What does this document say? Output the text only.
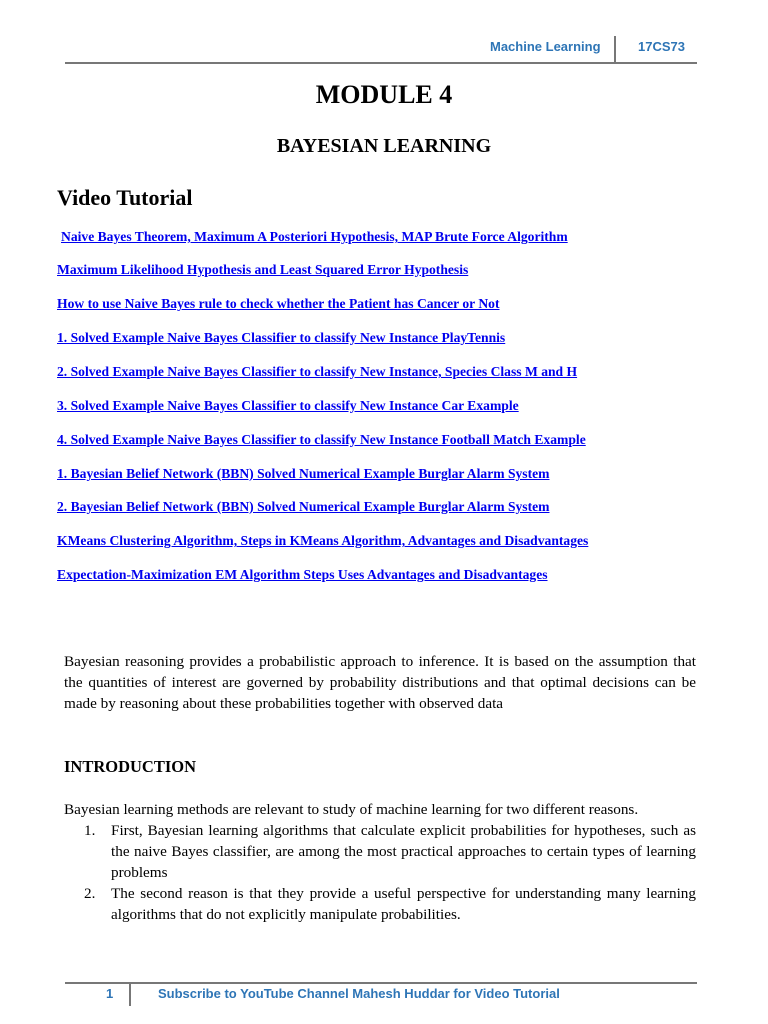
Machine Learning	17CS73
MODULE 4
BAYESIAN LEARNING
Video Tutorial
Naive Bayes Theorem, Maximum A Posteriori Hypothesis, MAP Brute Force Algorithm
Maximum Likelihood Hypothesis and Least Squared Error Hypothesis
How to use Naive Bayes rule to check whether the Patient has Cancer or Not
1. Solved Example Naive Bayes Classifier to classify New Instance PlayTennis
2. Solved Example Naive Bayes Classifier to classify New Instance, Species Class M and H
3. Solved Example Naive Bayes Classifier to classify New Instance Car Example
4. Solved Example Naive Bayes Classifier to classify New Instance Football Match Example
1. Bayesian Belief Network (BBN) Solved Numerical Example Burglar Alarm System
2. Bayesian Belief Network (BBN) Solved Numerical Example Burglar Alarm System
KMeans Clustering Algorithm, Steps in KMeans Algorithm, Advantages and Disadvantages
Expectation-Maximization EM Algorithm Steps Uses Advantages and Disadvantages

Bayesian reasoning provides a probabilistic approach to inference. It is based on the assumption that the quantities of interest are governed by probability distributions and that optimal decisions can be made by reasoning about these probabilities together with observed data

INTRODUCTION

Bayesian learning methods are relevant to study of machine learning for two different reasons.

1. First, Bayesian learning algorithms that calculate explicit probabilities for hypotheses, such as the naive Bayes classifier, are among the most practical approaches to certain types of learning problems
2. The second reason is that they provide a useful perspective for understanding many learning algorithms that do not explicitly manipulate probabilities.
1	Subscribe to YouTube Channel Mahesh Huddar for Video Tutorial
